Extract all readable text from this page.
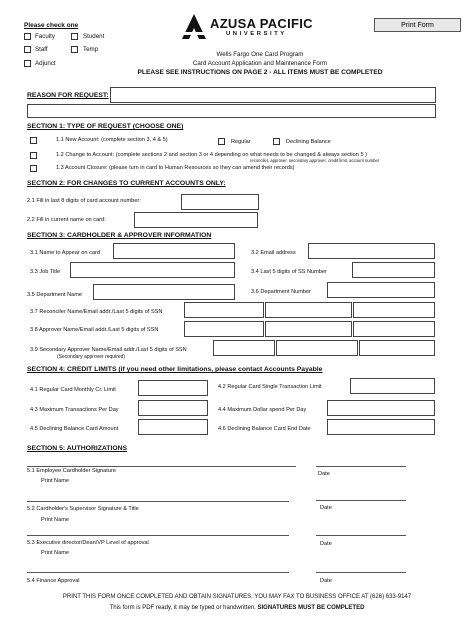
Print Form
AZUSA PACIFIC
U N I V E R S I T Y
Please check one
Faculty	Student
Staff	Temp
Adjunct
Wells Fargo One Card Program
Card Account Application and Maintenance Form
PLEASE SEE INSTRUCTIONS ON PAGE 2 - ALL ITEMS MUST BE COMPLETED
REASON FOR REQUEST:
SECTION 1: TYPE OF REQUEST (CHOOSE ONE)
1.1 New Account: (complete section 3, 4 & 5)	Regular	Declining Balance
1.2 Change to Account: (complete sections 2 and section 3 or 4 depending on what needs to be changed & always section 5 )
reconciler, approver, secondary approver, credit limit, account number
1.3 Account Closure: (please turn in card to Human Resources so they can amend their records)
SECTION 2: FOR CHANGES TO CURRENT ACCOUNTS ONLY:
2.1 Fill in last 8 digits of card account number:
2.2 Fill in current name on card:
SECTION 3: CARDHOLDER & APPROVER INFORMATION
3.1 Name to Appear on card	3.2 Email address
3.3 Job Title	3.4 Last 5 digits of SS Number
3.5 Department Name	3.6 Department Number
3.7 Reconciler Name/Email addr./Last 5 digits of SSN
3.8 Approver Name/Email addr./Last 5 digits of SSN
3.9 Secondary Approver Name/Email addr./Last 5 digits of SSN
(Secondary approver required)
SECTION 4: CREDIT LIMITS (if you need other limitations, please contact Accounts Payable
4.1 Regular Card Monthly Cr. Limit	4.2 Regular Card Single Transaction Limit
4.3 Maximum Transactions Per Day	4.4 Maximum Dollar spend Per Day
4.5 Declining Balance Card Amount	4.6 Declining Balance Card End Date
SECTION 5: AUTHORIZATIONS
5.1 Employee Cardholder Signature	Date
Print Name
5.2 Cardholder's Supervisor Signature & Title	Date
Print Name
5.3 Executive director/Dean/VP Level of approval	Date
Print Name
5.4 Finance Approval	Date
PRINT THIS FORM ONCE COMPLETED AND OBTAIN SIGNATURES. YOU MAY FAX TO BUSINESS OFFICE AT (626) 633-9147
This form is PDF ready, it may be typed or handwritten. SIGNATURES MUST BE COMPLETED
